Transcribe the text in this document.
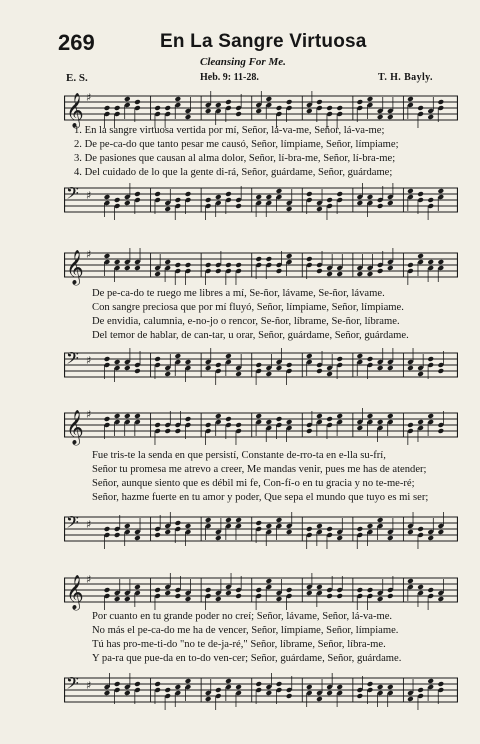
269	En La Sangre Virtuosa
Cleansing For Me.
E. S.	Heb. 9: 11-28.	T. H. Bayly.
𝄞 ♯
1. En la sangre virtuosa vertida por mí, Señor, lá-va-me, Señor, lá-va-me;
2. De pe-ca-do que tanto pesar me causó, Señor, límpiame, Señor, límpiame;
3. De pasiones que causan al alma dolor, Señor, lí-bra-me, Señor, lí-bra-me;
4. Del cuidado de lo que la gente di-rá, Señor, guárdame, Señor, guárdame;
𝄢 ♯
𝄞 ♯
De pe-ca-do te ruego me libres a mí, Se-ñor, lávame, Se-ñor, lávame.
Con sangre preciosa que por mí fluyó, Señor, límpiame, Señor, límpiame.
De envidia, calumnia, e-no-jo o rencor, Se-ñor, líbrame, Se-ñor, líbrame.
Del temor de hablar, de can-tar, u orar, Señor, guárdame, Señor, guárdame.
𝄢 ♯
𝄞 ♯
Fue tris-te la senda en que persistí, Constante de-rro-ta en e-lla su-frí,
Señor tu promesa me atrevo a creer, Me mandas venir, pues me has de atender;
Señor, aunque siento que es débil mi fe, Con-fí-o en tu gracia y no te-me-ré;
Señor, hazme fuerte en tu amor y poder, Que sepa el mundo que tuyo es mi ser;
𝄢 ♯
𝄞 ♯
Por cuanto en tu grande poder no creí; Señor, lávame, Señor, lá-va-me.
No más el pe-ca-do me ha de vencer, Señor, límpiame, Señor, límpiame.
Tú has pro-me-ti-do "no te de-ja-ré," Señor, líbrame, Señor, líbra-me.
Y pa-ra que pue-da en to-do ven-cer; Señor, guárdame, Señor, guárdame.
𝄢 ♯
